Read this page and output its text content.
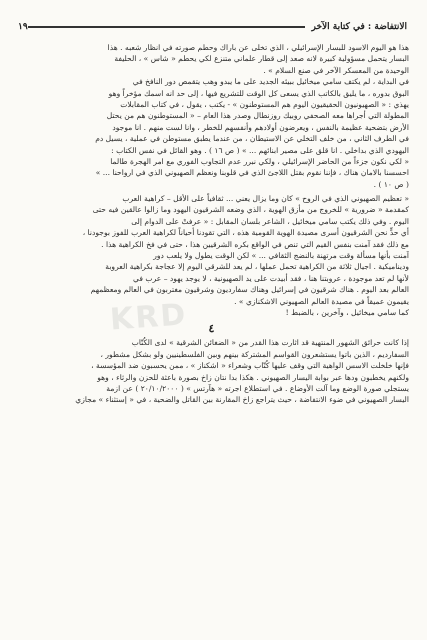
الانتفاضة : في كتابة الآخر
١٩
KRD
هذا هو اليوم الاسود للبسار الإسرائيلي ، الذي تخلى عن باراك وحطم صورته في انظار شعبه . هذا
البسار يتحمل مسؤولية كبيرة لانه صعد إلى قطار علماني متنزع لكي يحطم « شاس » ، الحليفة
الوحيدة من المعسكر الآخر في صنع السلام » .
في البداية ، لم يكتف سامي ميخائيل ببيئه الجديد على ما يبدو وهب يتقمص دور النافخ في
البوق بدوره ، ما يليق بالكاتب الذي يسعى كل الوقت للتشريع فيها ، إلى حد انه اسمك مؤخراً وهو
يهذي : « الصهيونيون الحقيقيون اليوم هم المستوطنون » - يكتب ، يقول ، في كتاب المقابلات
المطولة التي أجراها معه الصحفي روبيك روزنطال وصدر هذا العام – « المستوطنون هم من يحتل
الأرض بتضحية عظيمة بالنفس ، ويعرضون أولادهم وأنفسهم للخطر ، وانا لست منهم . انا موجود
في الطرف الثاني ، من خلف التخلي عن الاستيطان ، من عندما يطبق مستوطن في عملية ، يسيل دم
اليهودي الذي بداخلي . انا قلق على مصير ابنائهم ... » ( ص ١٦ ) . وهو القائل في نفس الكتاب :
« لكي نكون جزءاً من الحاضر الإسرائيلي ، ولكي نبرر عدم التجاوب الفوري مع امر الهجرة طالما
احسسنا بالامان هناك ، فإننا نقوم بقتل اللاجئ الذي في قلوبنا ونعظم الصهيوني الذي في ارواحنا ... »
( ص ١٠ ) .
« تعظيم الصهيوني الذي في الروح » كان وما يزال يعني ... ثقافياً على الأقل – كراهية العرب
كمقدمة « ضرورية » للخروج من مأزق الهوية ، الذي وضعه الشرقيون اليهود وما زالوا عالقين فيه حتى
اليوم . وفي ذلك يكتب سامي ميخائيل ، الشاعر بلسان المقابل : « عرفتْ على الدوام إلى
أي حدٍّ نحن الشرقيون أسرى مصيدة الهوية القومية هذه ، التي تقودنا أحياناً لكراهية العرب للفوز بوجودنا ،
مع ذلك فقد آمنت بنفس القيم التي تنص في الواقع بكره الشرقيين هذا ، حتى في فخ الكراهية هذا .
آمنت بأنها مسألة وقت مرتهنة بالنضج الثقافي ... » لكن الوقت يطول ولا يلعب دور
وديناميكية . اجيال ثلاثة من الكراهية تحمل عملها ، لم يعد للشرقي اليوم إلا عجاجة بكراهية العروبة
لأنها لم تعد موجودة ، عروبتنا هنا ، فقد أبيدت على يد الصهيونية ، لا يوجد يهود – عرب في
العالم بعد اليوم . هناك شرقيون في إسرائيل وهناك سفارديون وشرقيون مغتربون في العالم ومعظمهم
يقيمون عميقاً في مصيدة العالم الصهيوني الاشكنازي » .
كما سامي ميخائيل ، وآخرين ، بالضبط !
٤
إذا كانت حرائق الشهور المنتهية قد اثارت هذا القدر من « الضغائن الشرقية » لدى الكُتّاب
السفارديم ، الذين باتوا يستشعرون القواسم المشتركة بينهم وبين الفلسطينيين ولو بشكل مشطور ،
فإنها خلخلت الاسس الواهية التي وقف عليها كُتّاب وشعراء « اشكناز » ، ممن يحسبون ضد المؤسسة ،
ولكنهم يخطبون ودها عبر بوابة اليسار الصهيوني . هكذا بدا نتان زاخ بصورة باعثة للحزن والرثاء ، وهو
يستجلي صورة الوضع وما آلت الأوضاع . في استطلاع اجرته « هآرتس » ( ٢٠/١٠/٢٠٠٠ ) عن ازمة
اليسار الصهيوني في ضوء الانتفاضة ، حيث يتراجع زاخ المقارنة بين القاتل والضحية ، في « إستثناء » مجازي
